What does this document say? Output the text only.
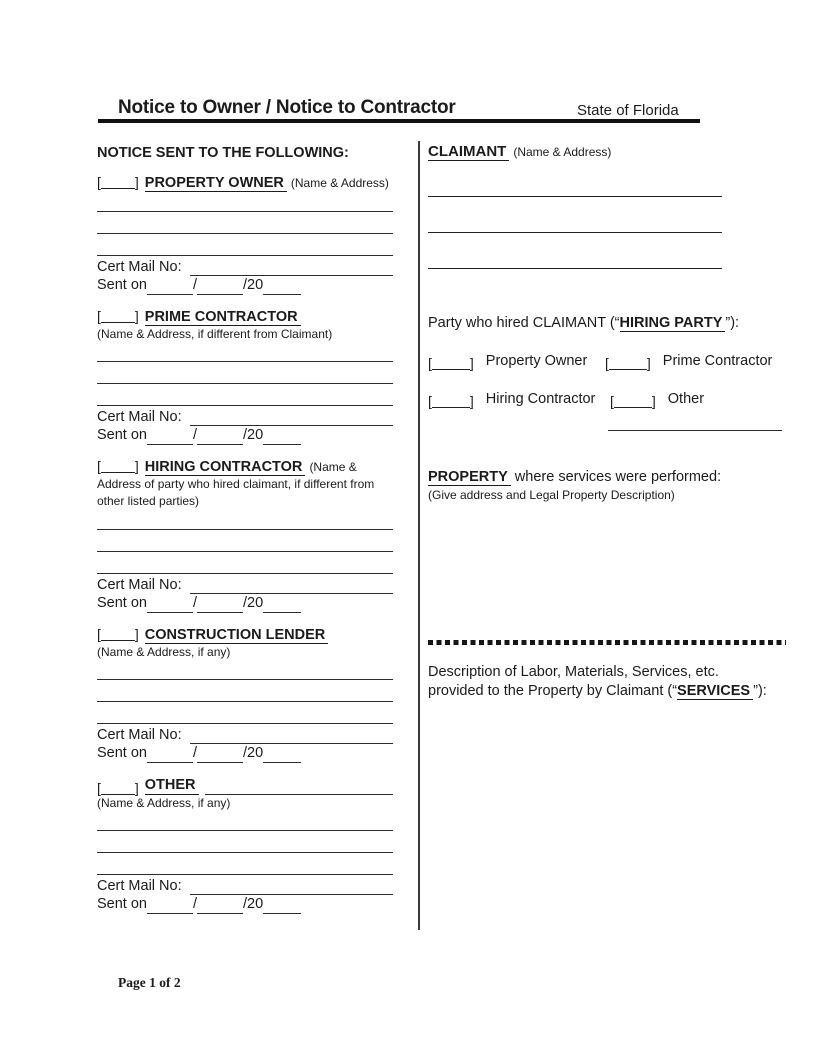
Notice to Owner / Notice to Contractor	State of Florida
NOTICE SENT TO THE FOLLOWING:
[ ] PROPERTY OWNER (Name & Address)
Cert Mail No:
Sent on	/	/20
[ ] PRIME CONTRACTOR
(Name & Address, if different from Claimant)
Cert Mail No:
Sent on	/	/20
[ ] HIRING CONTRACTOR (Name & Address of party who hired claimant, if different from other listed parties)
Cert Mail No:
Sent on	/	/20
[ ] CONSTRUCTION LENDER
(Name & Address, if any)
Cert Mail No:
Sent on	/	/20
[ ] OTHER
(Name & Address, if any)
Cert Mail No:
Sent on	/	/20
CLAIMANT (Name & Address)
Party who hired CLAIMANT (“HIRING PARTY ”):
[	] Property Owner [	] Prime Contractor
[	] Hiring Contractor [	] Other
PROPERTY where services were performed:
(Give address and Legal Property Description)
Description of Labor, Materials, Services, etc.
provided to the Property by Claimant (“SERVICES ”):
Page 1 of 2
